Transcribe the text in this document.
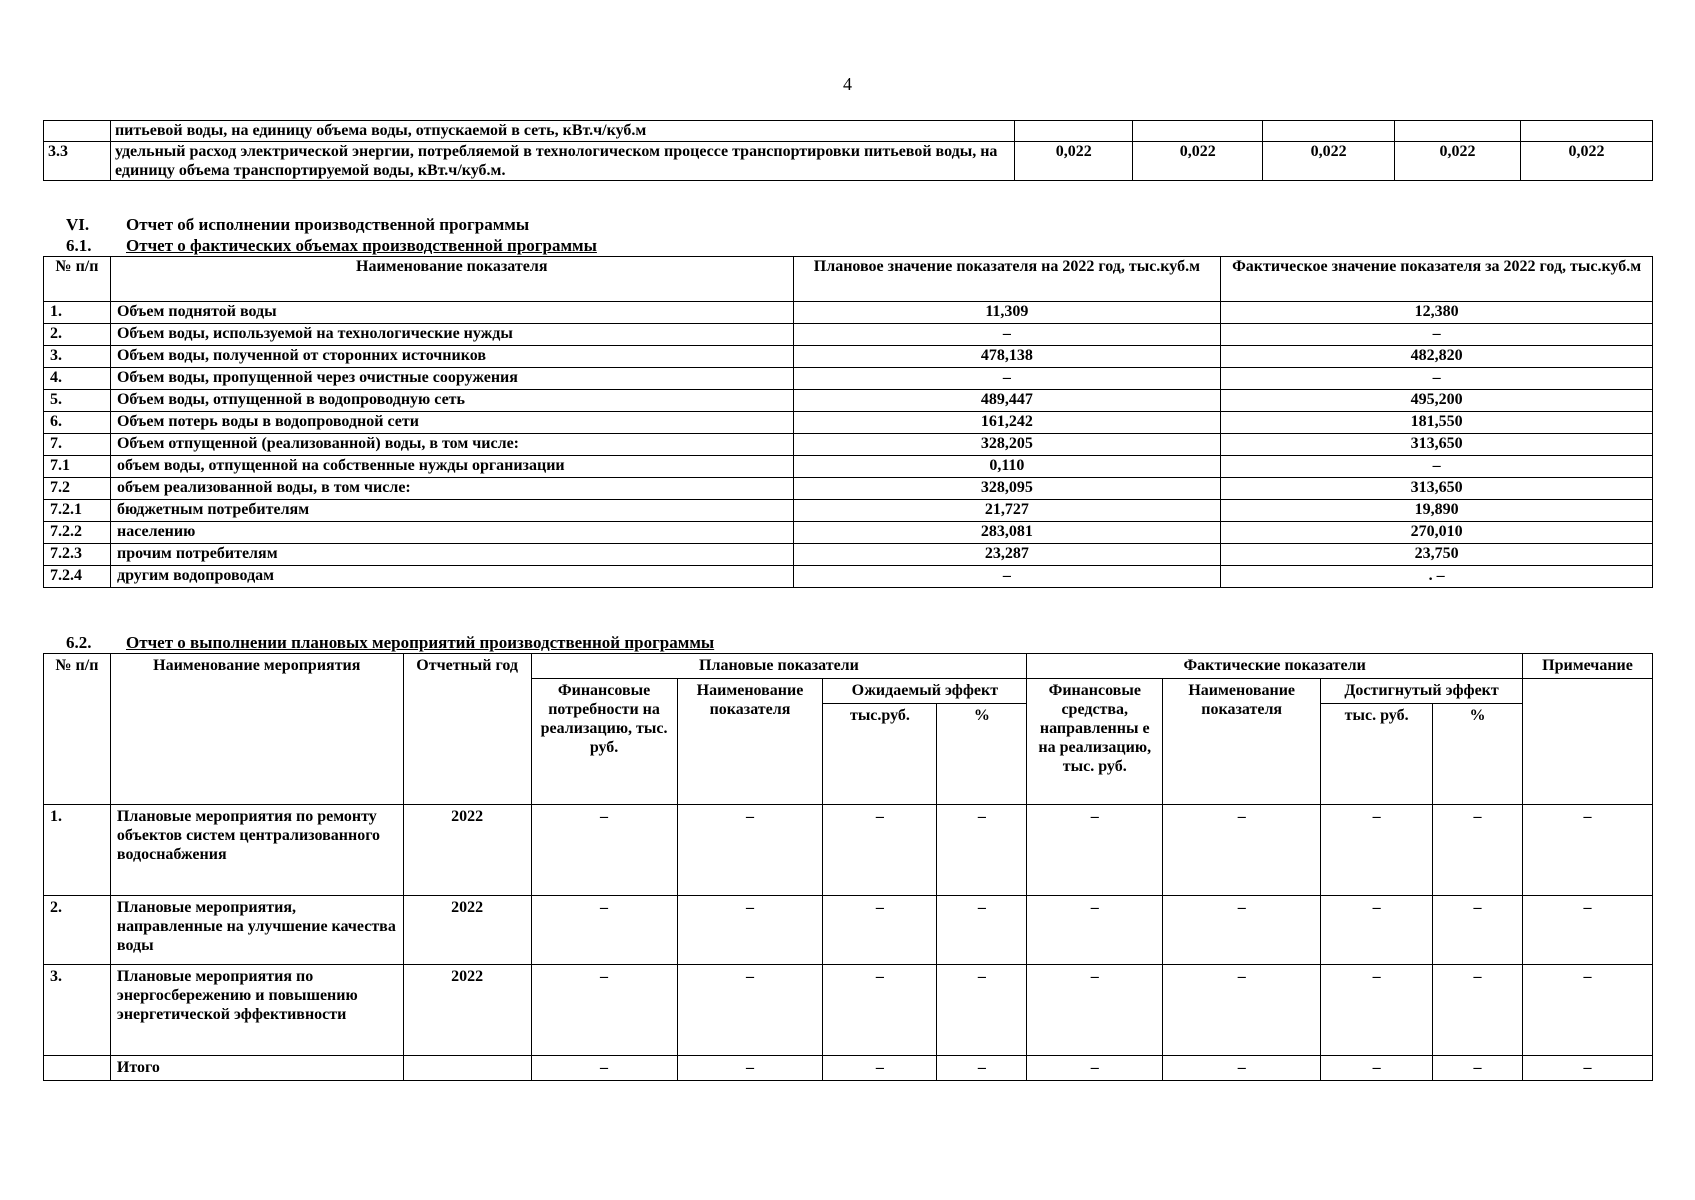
4
	питьевой воды, на единицу объема воды, отпускаемой в сеть, кВт.ч/куб.м					
3.3	удельный расход электрической энергии, потребляемой в технологическом процессе транспортировки питьевой воды, на единицу объема транспортируемой воды, кВт.ч/куб.м.	0,022	0,022	0,022	0,022	0,022
VI. Отчет об исполнении производственной программы
6.1. Отчет о фактических объемах производственной программы
№ п/п	Наименование показателя	Плановое значение показателя на 2022 год, тыс.куб.м	Фактическое значение показателя за 2022 год, тыс.куб.м
1.	Объем поднятой воды	11,309	12,380
2.	Объем воды, используемой на технологические нужды	–	–
3.	Объем воды, полученной от сторонних источников	478,138	482,820
4.	Объем воды, пропущенной через очистные сооружения	–	–
5.	Объем воды, отпущенной в водопроводную сеть	489,447	495,200
6.	Объем потерь воды в водопроводной сети	161,242	181,550
7.	Объем отпущенной (реализованной) воды, в том числе:	328,205	313,650
7.1	объем воды, отпущенной на собственные нужды организации	0,110	–
7.2	объем реализованной воды, в том числе:	328,095	313,650
7.2.1	бюджетным потребителям	21,727	19,890
7.2.2	населению	283,081	270,010
7.2.3	прочим потребителям	23,287	23,750
7.2.4	другим водопроводам	–	. –
6.2. Отчет о выполнении плановых мероприятий производственной программы
№ п/п	Наименование мероприятия	Отчетный год	Плановые показатели				Фактические показатели				Примечание
			Финансовые потребности на реализацию, тыс. руб.	Наименование показателя	Ожидаемый эффект		Финансовые средства, направленны е на реализацию, тыс. руб.	Наименование показателя	Достигнутый эффект		
					тыс.руб.	%			тыс. руб.	%	
1.	Плановые мероприятия по ремонту объектов систем централизованного водоснабжения	2022	–	–	–	–	–	–	–	–	–
2.	Плановые мероприятия, направленные на улучшение качества воды	2022	–	–	–	–	–	–	–	–	–
3.	Плановые мероприятия по энергосбережению и повышению энергетической эффективности	2022	–	–	–	–	–	–	–	–	–
	Итого		–	–	–	–	–	–	–	–	–
